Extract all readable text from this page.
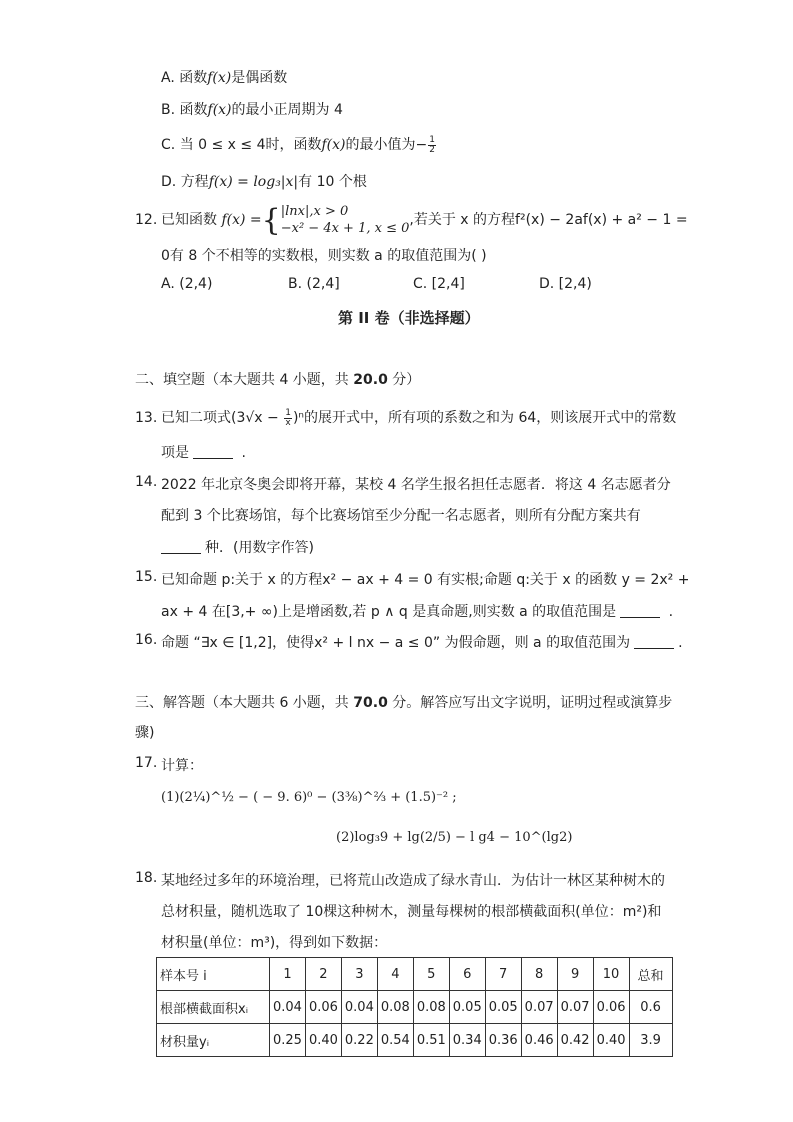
A. 函数f(x)是偶函数
B. 函数f(x)的最小正周期为 4
C. 当 0 ≤ x ≤ 4时，函数f(x)的最小值为− $\frac{1}{2}$
D. 方程f(x) = log₃|x|有 10 个根
12. 已知函数 f(x) ={ |lnx|,x > 0
−x² − 4x + 1, x ≤ 0
,若关于 x 的方程f²(x) − 2af(x) + a² − 1 =
0有 8 个不相等的实数根，则实数 a 的取值范围为( )
A. (2,4)	B. (2,4]	C. [2,4]	D. [2,4)
第 II 卷（非选择题）
二、填空题（本大题共 4 小题，共 20.0 分）
13. 已知二项式$(3√x - \frac{1}{x} )^n$的展开式中，所有项的系数之和为 64，则该展开式中的常数
项是	.
14. 2022 年北京冬奥会即将开幕，某校 4 名学生报名担任志愿者．将这 4 名志愿者分
配到 3 个比赛场馆，每个比赛场馆至少分配一名志愿者，则所有分配方案共有
种．(用数字作答)
15. 已知命题 p:关于 x 的方程x² − ax + 4 = 0 有实根;命题 q:关于 x 的函数 y = 2x² +
ax + 4 在[3,+ ∞)上是增函数,若 p ∧ q 是真命题,则实数 a 的取值范围是	.
16. 命题 “∃x ∈ [1,2]，使得x² + l nx − a ≤ 0” 为假命题，则 a 的取值范围为	.
三、解答题（本大题共 6 小题，共 70.0 分。解答应写出文字说明，证明过程或演算步
骤)
17. 计算：
(1)(2¼)^½ − ( − 9. 6)⁰ − (3⅜)^⅔ + (1.5)⁻² ;
(2)log₃9 + lg(2/5) − l g4 − 10^(lg2)
18. 某地经过多年的环境治理，已将荒山改造成了绿水青山．为估计一林区某种树木的
总材积量，随机选取了 10棵这种树木，测量每棵树的根部横截面积(单位：m²)和
材积量(单位：m³)，得到如下数据：
样本号 i	1	2	3	4	5	6	7	8	9	10	总和
根部横截面积xᵢ	0.04	0.06	0.04	0.08	0.08	0.05	0.05	0.07	0.07	0.06	0.6
材积量yᵢ	0.25	0.40	0.22	0.54	0.51	0.34	0.36	0.46	0.42	0.40	3.9
